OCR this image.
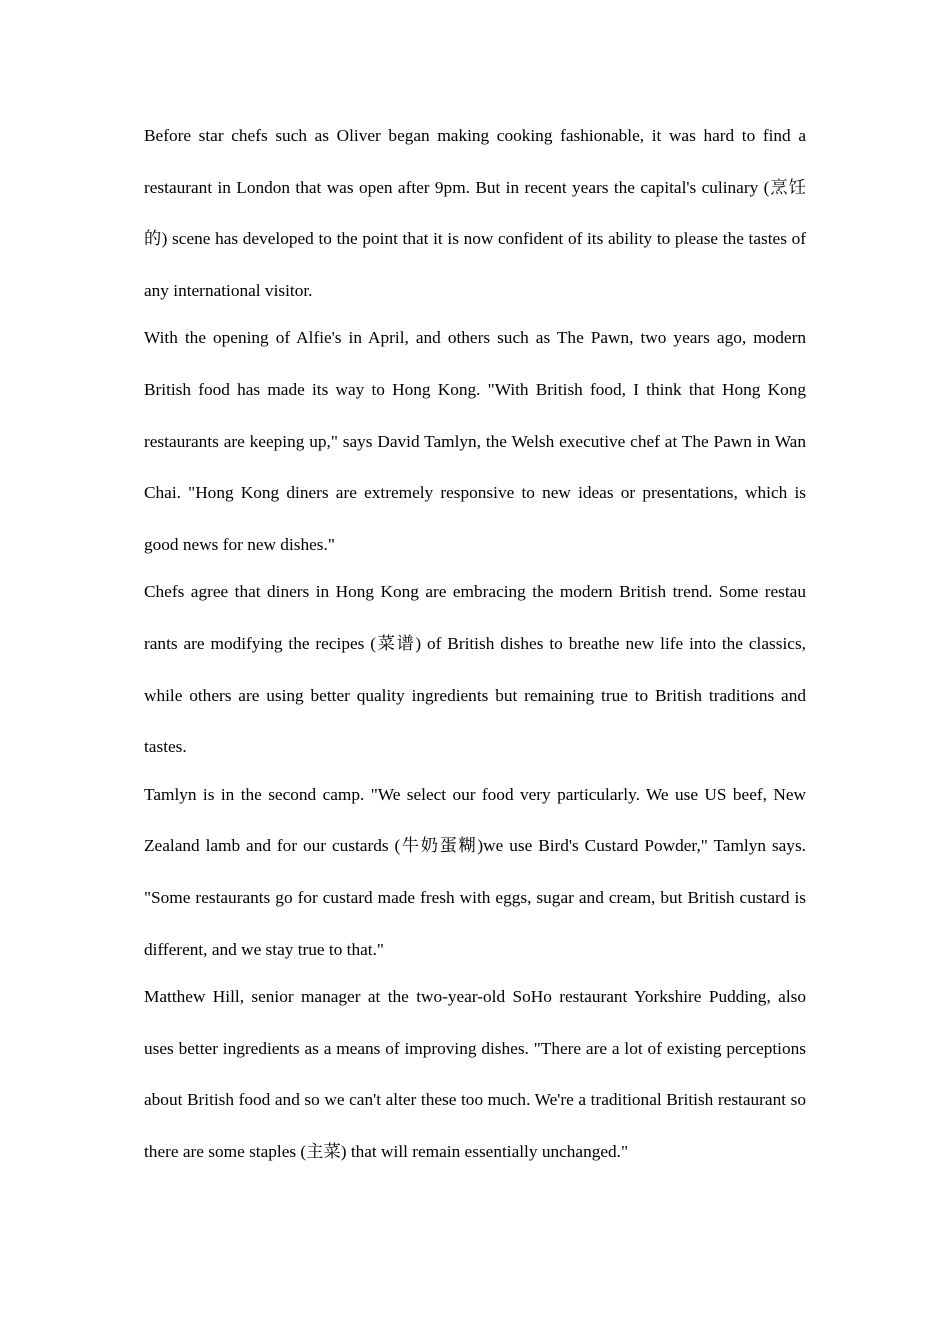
Before star chefs such as Oliver began making cooking fashionable, it was hard to find a restaurant in London that was open after 9pm. But in recent years the capital's culinary (烹饪的) scene has developed to the point that it is now confident of its ability to please the tastes of any international visitor.

With the opening of Alfie's in April, and others such as The Pawn, two years ago, modern British food has made its way to Hong Kong. "With British food, I think that Hong Kong restaurants are keeping up," says David Tamlyn, the Welsh executive chef at The Pawn in Wan Chai. "Hong Kong diners are extremely responsive to new ideas or presentations, which is good news for new dishes."

Chefs agree that diners in Hong Kong are embracing the modern British trend. Some restau rants are modifying the recipes (菜谱) of British dishes to breathe new life into the classics, while others are using better quality ingredients but remaining true to British traditions and tastes.

Tamlyn is in the second camp. "We select our food very particularly. We use US beef, New Zealand lamb and for our custards (牛奶蛋糊)we use Bird's Custard Powder," Tamlyn says. "Some restaurants go for custard made fresh with eggs, sugar and cream, but British custard is different, and we stay true to that."

Matthew Hill, senior manager at the two-year-old SoHo restaurant Yorkshire Pudding, also uses better ingredients as a means of improving dishes. "There are a lot of existing perceptions about British food and so we can't alter these too much. We're a traditional British restaurant so there are some staples (主菜) that will remain essentially unchanged."
